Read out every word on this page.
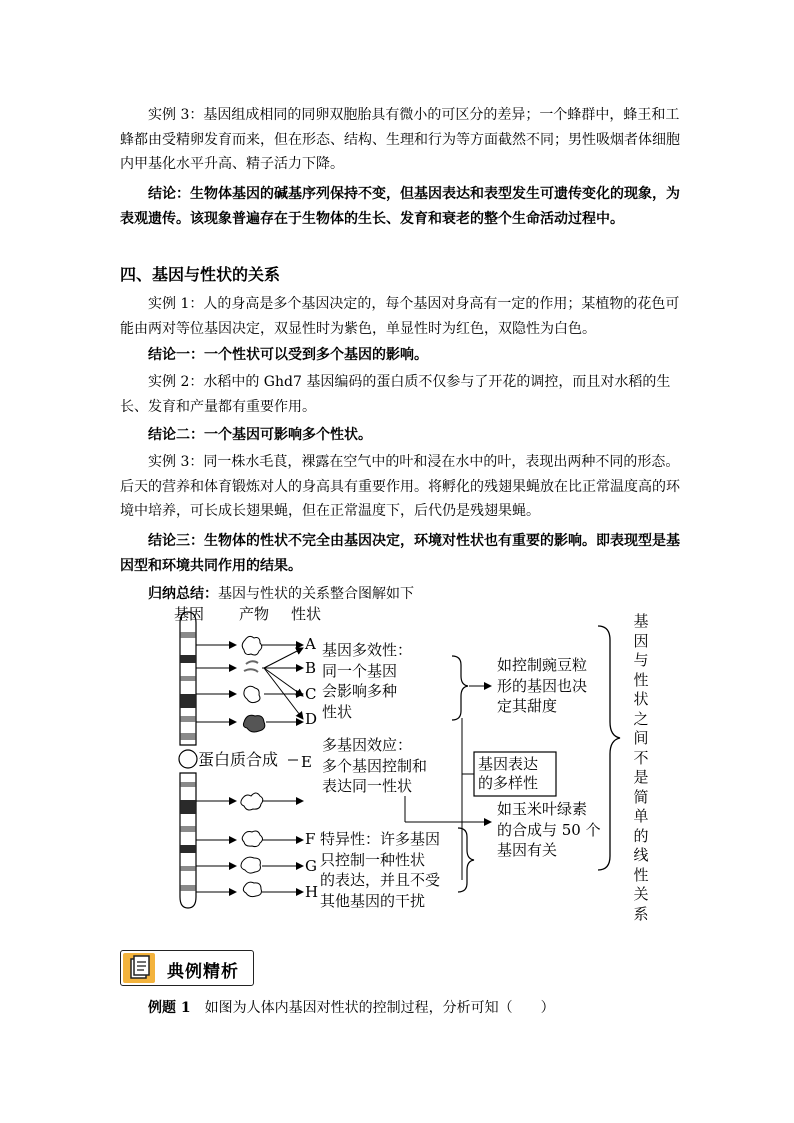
实例 3：基因组成相同的同卵双胞胎具有微小的可区分的差异；一个蜂群中，蜂王和工蜂都由受精卵发育而来，但在形态、结构、生理和行为等方面截然不同；男性吸烟者体细胞内甲基化水平升高、精子活力下降。
结论：生物体基因的碱基序列保持不变，但基因表达和表型发生可遗传变化的现象，为表观遗传。该现象普遍存在于生物体的生长、发育和衰老的整个生命活动过程中。
四、基因与性状的关系
实例 1：人的身高是多个基因决定的，每个基因对身高有一定的作用；某植物的花色可能由两对等位基因决定，双显性时为紫色，单显性时为红色，双隐性为白色。
结论一：一个性状可以受到多个基因的影响。
实例 2：水稻中的 Ghd7 基因编码的蛋白质不仅参与了开花的调控，而且对水稻的生长、发育和产量都有重要作用。
结论二：一个基因可影响多个性状。
实例 3：同一株水毛茛，裸露在空气中的叶和浸在水中的叶，表现出两种不同的形态。后天的营养和体育锻炼对人的身高具有重要作用。将孵化的残翅果蝇放在比正常温度高的环境中培养，可长成长翅果蝇，但在正常温度下，后代仍是残翅果蝇。
结论三：生物体的性状不完全由基因决定，环境对性状也有重要的影响。即表现型是基因型和环境共同作用的结果。
归纳总结：基因与性状的关系整合图解如下
基因 产物 性状
A
B
C
D
E
F
G
H
蛋白质合成
基因多效性：
同一个基因
会影响多种
性状
如控制豌豆粒
形的基因也决
定其甜度
多基因效应：
多个基因控制和
表达同一性状
基因表达
的多样性
如玉米叶绿素
的合成与 50 个
基因有关
特异性：许多基因
只控制一种性状
的表达，并且不受
其他基因的干扰
基
因
与
性
状
之
间
不
是
简
单
的
线
性
关
系
典例精析
例题 1　 如图为人体内基因对性状的控制过程，分析可知（　　）
